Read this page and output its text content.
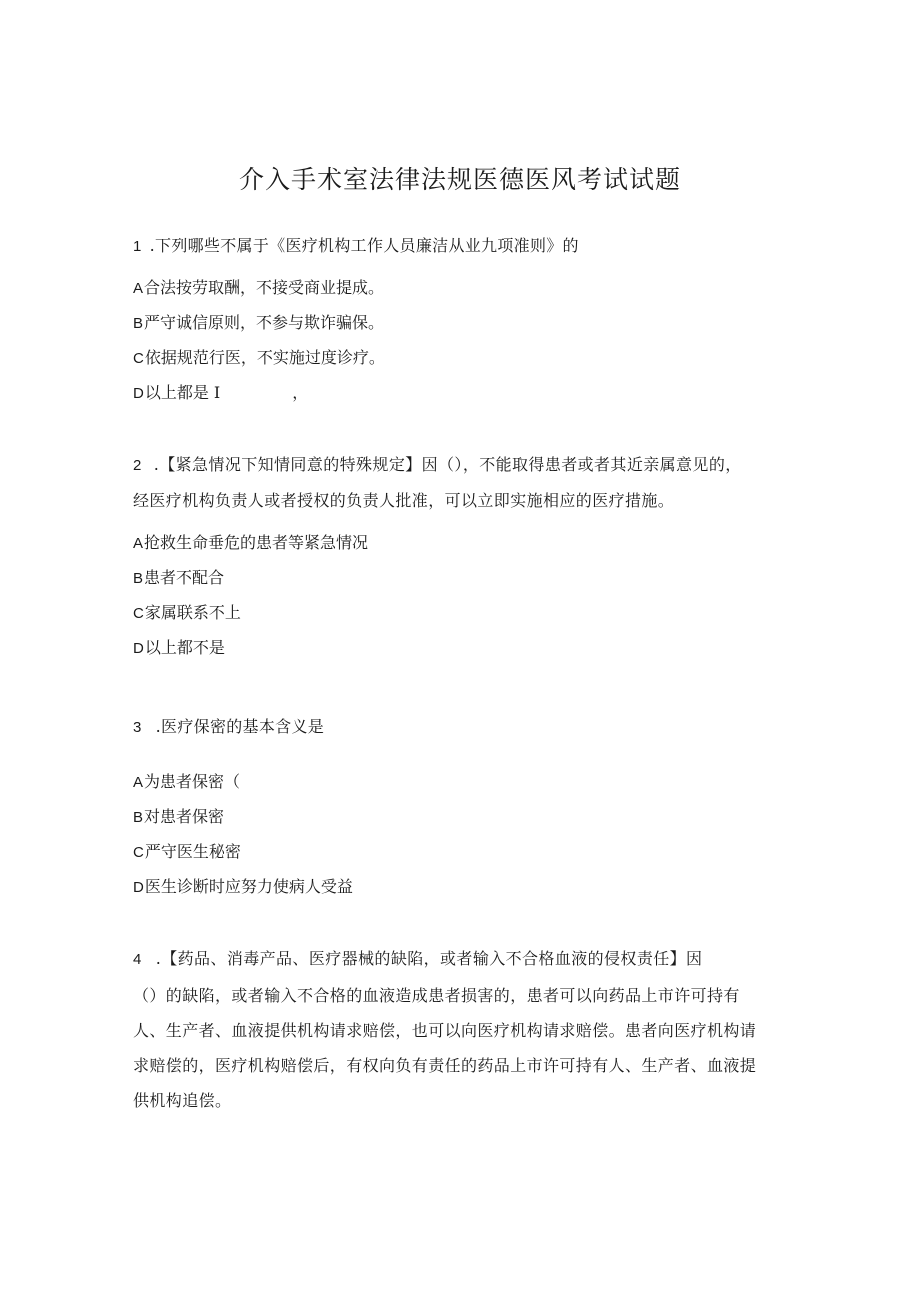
介入手术室法律法规医德医风考试试题
1 .下列哪些不属于《医疗机构工作人员廉洁从业九项准则》的
A合法按劳取酬，不接受商业提成。
B严守诚信原则，不参与欺诈骗保。
C依据规范行医，不实施过度诊疗。
D以上都是 I	，
2 .【紧急情况下知情同意的特殊规定】因（），不能取得患者或者其近亲属意见的，
经医疗机构负责人或者授权的负责人批准，可以立即实施相应的医疗措施。
A抢救生命垂危的患者等紧急情况
B患者不配合
C家属联系不上
D以上都不是
3 .医疗保密的基本含义是
A为患者保密（
B对患者保密
C严守医生秘密
D医生诊断时应努力使病人受益
4 .【药品、消毒产品、医疗器械的缺陷，或者输入不合格血液的侵权责任】因
（）的缺陷，或者输入不合格的血液造成患者损害的，患者可以向药品上市许可持有
人、生产者、血液提供机构请求赔偿，也可以向医疗机构请求赔偿。患者向医疗机构请
求赔偿的，医疗机构赔偿后，有权向负有责任的药品上市许可持有人、生产者、血液提
供机构追偿。
